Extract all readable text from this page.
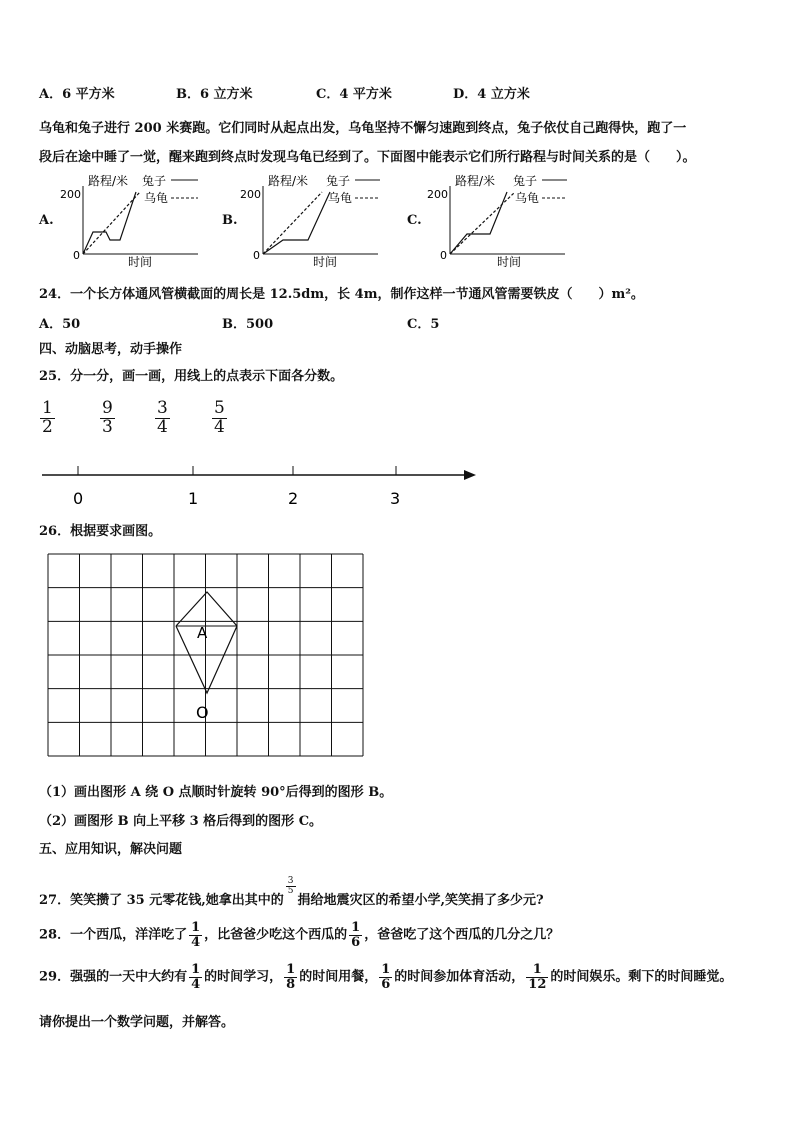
A．6 平方米	B．6 立方米	C．4 平方米	D．4 立方米
乌龟和兔子进行 200 米赛跑。它们同时从起点出发，乌龟坚持不懈匀速跑到终点，兔子依仗自己跑得快，跑了一
段后在途中睡了一觉，醒来跑到终点时发现乌龟已经到了。下面图中能表示它们所行路程与时间关系的是（　　）。
A.	B.	C.
路程/米
200
0	时间
兔子
乌龟
路程/米
200
0	时间
兔子
乌龟
路程/米
200
0	时间
兔子
乌龟
24．一个长方体通风管横截面的周长是 12.5dm，长 4m，制作这样一节通风管需要铁皮（　　）m²。
A．50	B．500	C．5
四、动脑思考，动手操作
25．分一分，画一画，用线上的点表示下面各分数。
$\frac{1}{2}$	$\frac{9}{3} \frac{3}{4} \frac{5}{4}$
0	1	2	3
26．根据要求画图。
A
O
（1）画出图形 A 绕 O 点顺时针旋转 90°后得到的图形 B。
（2）画图形 B 向上平移 3 格后得到的图形 C。
五、应用知识，解决问题
27．笑笑攒了 35 元零花钱,她拿出其中的
$\frac{3}{5}$
捐给地震灾区的希望小学,笑笑捐了多少元?
28．一个西瓜，洋洋吃了 $\frac{1}{4}$ ，比爸爸少吃这个西瓜的 $\frac{1}{6}$ ，爸爸吃了这个西瓜的几分之几？
29．强强的一天中大约有 $\frac{1}{4}$ 的时间学习， $\frac{1}{8}$ 的时间用餐， $\frac{1}{6}$ 的时间参加体育活动， $\frac{1}{12}$ 的时间娱乐。剩下的时间睡觉。
请你提出一个数学问题，并解答。
